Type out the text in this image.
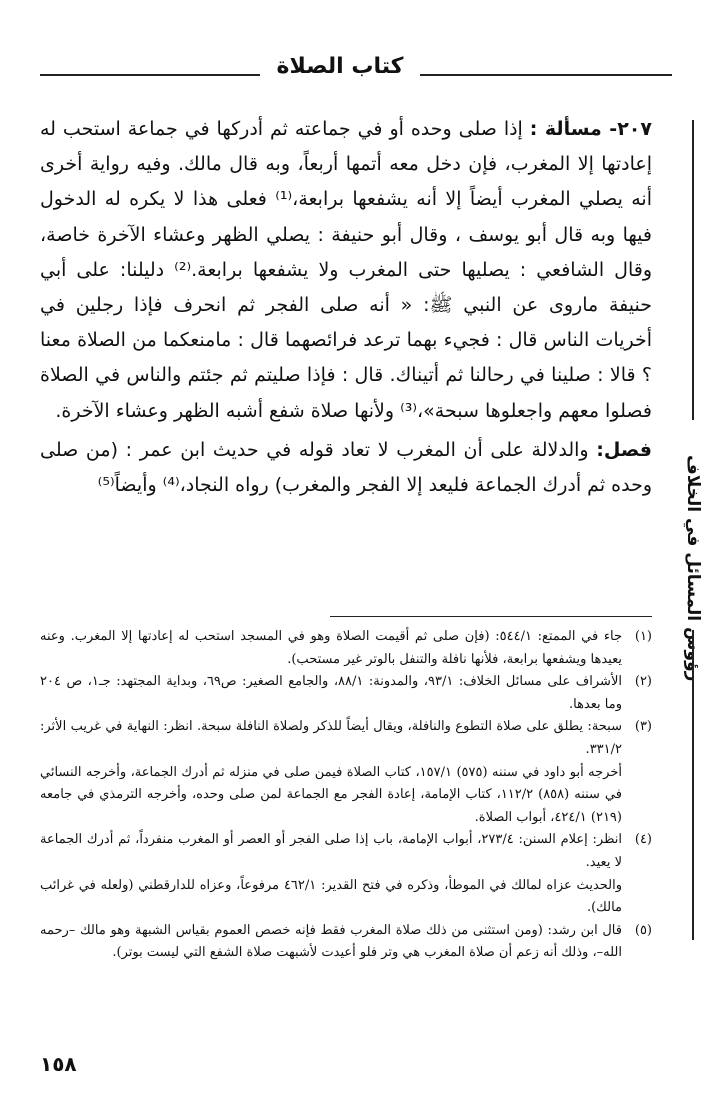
كتاب الصلاة
رؤوس المسائل في الخلاف

٢٠٧- مسألة : إذا صلى وحده أو في جماعته ثم أدركها في جماعة استحب له إعادتها إلا المغرب، فإن دخل معه أتمها أربعاً، وبه قال مالك. وفيه رواية أخرى أنه يصلي المغرب أيضاً إلا أنه يشفعها برابعة،⁽¹⁾ فعلى هذا لا يكره له الدخول فيها وبه قال أبو يوسف ، وقال أبو حنيفة : يصلي الظهر وعشاء الآخرة خاصة، وقال الشافعي : يصليها حتى المغرب ولا يشفعها برابعة.⁽²⁾ دليلنا: على أبي حنيفة ماروى عن النبي ﷺ: « أنه صلى الفجر ثم انحرف فإذا رجلين في أخريات الناس قال : فجيء بهما ترعد فرائصهما قال : مامنعكما من الصلاة معنا ؟ قالا : صلينا في رحالنا ثم أتيناك. قال : فإذا صليتم ثم جئتم والناس في الصلاة فصلوا معهم واجعلوها سبحة»،⁽³⁾ ولأنها صلاة شفع أشبه الظهر وعشاء الآخرة.

فصل: والدلالة على أن المغرب لا تعاد قوله في حديث ابن عمر : (من صلى وحده ثم أدرك الجماعة فليعد إلا الفجر والمغرب) رواه النجاد،⁽⁴⁾ وأيضاً⁽⁵⁾

(١)

جاء في الممتع: ٥٤٤/١: (فإن صلى ثم أقيمت الصلاة وهو في المسجد استحب له إعادتها إلا المغرب. وعنه يعيدها ويشفعها برابعة، فلأنها نافلة والتنفل بالوتر غير مستحب).

(٢)

الأشراف على مسائل الخلاف: ٩٣/١، والمدونة: ٨٨/١، والجامع الصغير: ص٦٩، وبداية المجتهد: جـ١، ص ٢٠٤ وما بعدها.

(٣)

سبحة: يطلق على صلاة التطوع والنافلة، ويقال أيضاً للذكر ولصلاة النافلة سبحة. انظر: النهاية في غريب الأثر: ٣٣١/٢.

أخرجه أبو داود في سننه (٥٧٥) ١٥٧/١، كتاب الصلاة فيمن صلى في منزله ثم أدرك الجماعة، وأخرجه النسائي في سننه (٨٥٨) ١١٢/٢، كتاب الإمامة، إعادة الفجر مع الجماعة لمن صلى وحده، وأخرجه الترمذي في جامعه (٢١٩) ٤٢٤/١، أبواب الصلاة.

(٤)

انظر: إعلام السنن: ٢٧٣/٤، أبواب الإمامة، باب إذا صلى الفجر أو العصر أو المغرب منفرداً، ثم أدرك الجماعة لا يعيد.

والحديث عزاه لمالك في الموطأ، وذكره في فتح القدير: ٤٦٢/١ مرفوعاً، وعزاه للدارقطني (ولعله في غرائب مالك).

(٥)

قال ابن رشد: (ومن استثنى من ذلك صلاة المغرب فقط فإنه خصص العموم بقياس الشبهة وهو مالك –رحمه الله–، وذلك أنه زعم أن صلاة المغرب هي وتر فلو أعيدت لأشبهت صلاة الشفع التي ليست بوتر).

١٥٨
